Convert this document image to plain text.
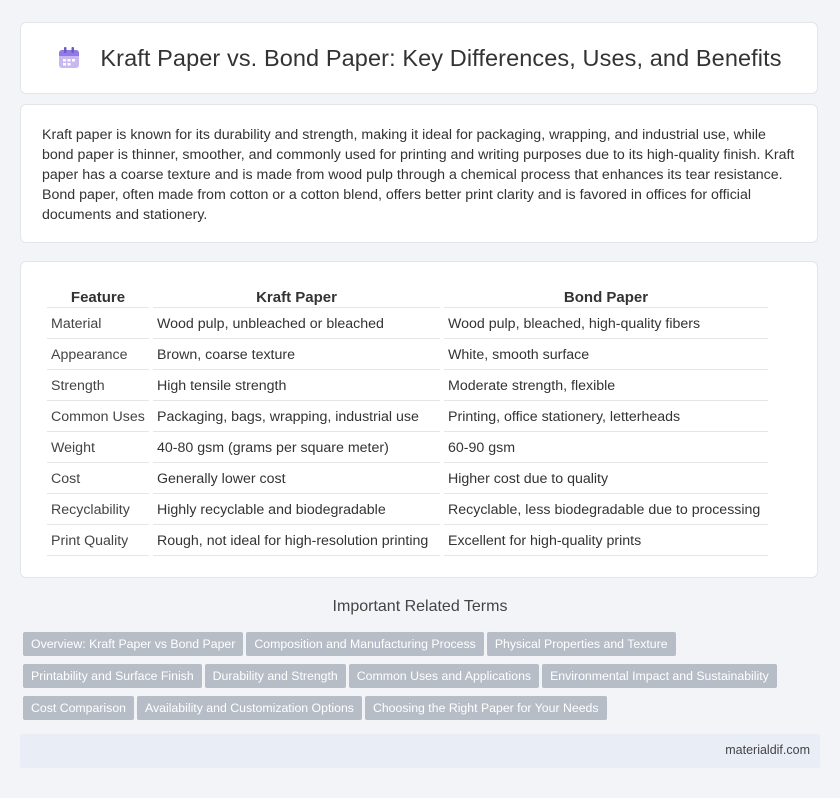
Kraft Paper vs. Bond Paper: Key Differences, Uses, and Benefits

Kraft paper is known for its durability and strength, making it ideal for packaging, wrapping, and industrial use, while bond paper is thinner, smoother, and commonly used for printing and writing purposes due to its high-quality finish. Kraft paper has a coarse texture and is made from wood pulp through a chemical process that enhances its tear resistance. Bond paper, often made from cotton or a cotton blend, offers better print clarity and is favored in offices for official documents and stationery.

Feature	Kraft Paper	Bond Paper
Material	Wood pulp, unbleached or bleached	Wood pulp, bleached, high-quality fibers
Appearance	Brown, coarse texture	White, smooth surface
Strength	High tensile strength	Moderate strength, flexible
Common Uses	Packaging, bags, wrapping, industrial use	Printing, office stationery, letterheads
Weight	40-80 gsm (grams per square meter)	60-90 gsm
Cost	Generally lower cost	Higher cost due to quality
Recyclability	Highly recyclable and biodegradable	Recyclable, less biodegradable due to processing
Print Quality	Rough, not ideal for high-resolution printing	Excellent for high-quality prints
Important Related Terms
Overview: Kraft Paper vs Bond Paper Composition and Manufacturing Process Physical Properties and Texture
Printability and Surface Finish Durability and Strength Common Uses and Applications Environmental Impact and Sustainability
Cost Comparison Availability and Customization Options Choosing the Right Paper for Your Needs
materialdif.com
